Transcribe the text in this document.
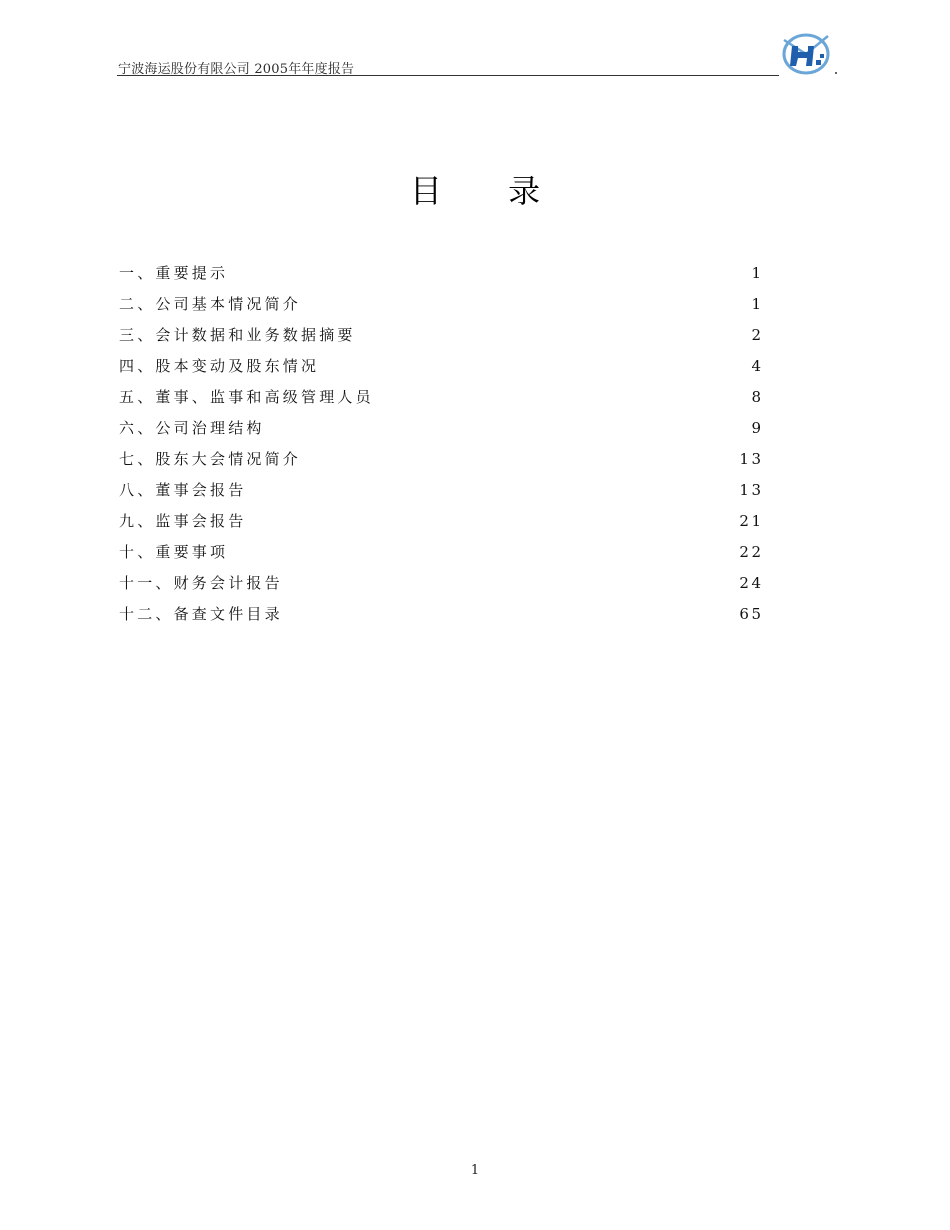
宁波海运股份有限公司 2005年年度报告
目 录
一、重要提示	1
二、公司基本情况简介	1
三、会计数据和业务数据摘要	2
四、股本变动及股东情况	4
五、董事、监事和高级管理人员	8
六、公司治理结构	9
七、股东大会情况简介	13
八、董事会报告	13
九、监事会报告	21
十、重要事项	22
十一、财务会计报告	24
十二、备查文件目录	65
1
